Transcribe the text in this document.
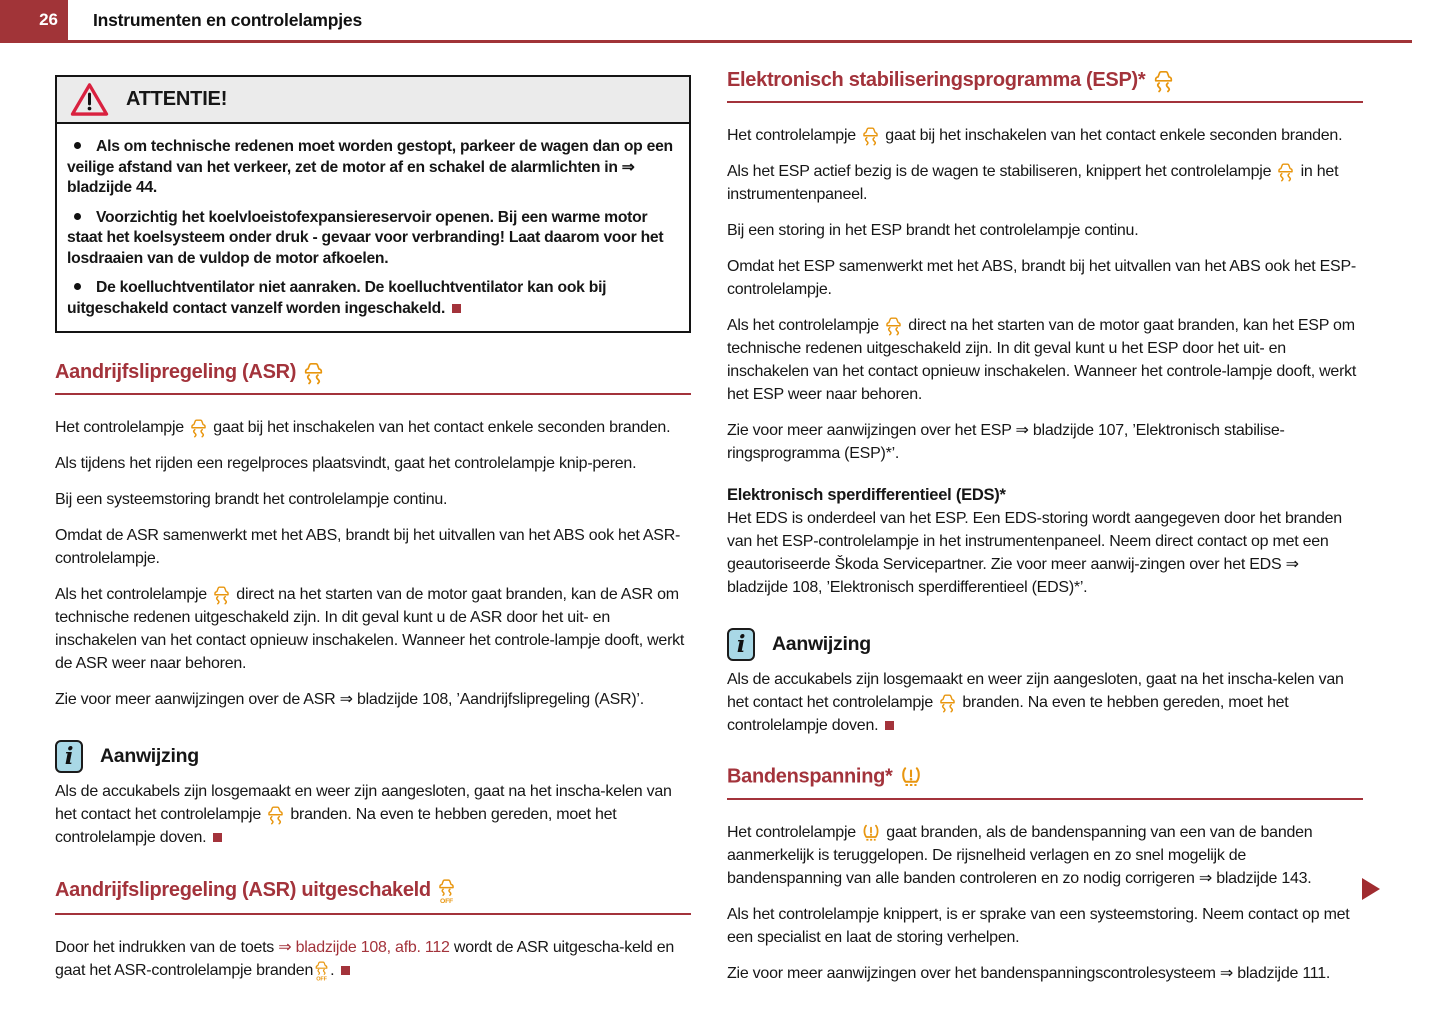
26	Instrumenten en controlelampjes
ATTENTIE!
Als om technische redenen moet worden gestopt, parkeer de wagen dan op een veilige afstand van het verkeer, zet de motor af en schakel de alarmlichten in ⇒ bladzijde 44.
Voorzichtig het koelvloeistofexpansiereservoir openen. Bij een warme motor staat het koelsysteem onder druk - gevaar voor verbranding! Laat daarom voor het losdraaien van de vuldop de motor afkoelen.
De koelluchtventilator niet aanraken. De koelluchtventilator kan ook bij uitgeschakeld contact vanzelf worden ingeschakeld.
Aandrijfslipregeling (ASR)
Het controlelampje  gaat bij het inschakelen van het contact enkele seconden branden.
Als tijdens het rijden een regelproces plaatsvindt, gaat het controlelampje knip-peren.
Bij een systeemstoring brandt het controlelampje continu.
Omdat de ASR samenwerkt met het ABS, brandt bij het uitvallen van het ABS ook het ASR-controlelampje.
Als het controlelampje  direct na het starten van de motor gaat branden, kan de ASR om technische redenen uitgeschakeld zijn. In dit geval kunt u de ASR door het uit- en inschakelen van het contact opnieuw inschakelen. Wanneer het controle-lampje dooft, werkt de ASR weer naar behoren.
Zie voor meer aanwijzingen over de ASR ⇒ bladzijde 108, ’Aandrijfslipregeling (ASR)’.
i	Aanwijzing
Als de accukabels zijn losgemaakt en weer zijn aangesloten, gaat na het inscha-kelen van het contact het controlelampje  branden. Na even te hebben gereden, moet het controlelampje doven.
Aandrijfslipregeling (ASR) uitgeschakeld
OFF
Door het indrukken van de toets ⇒ bladzijde 108, afb. 112 wordt de ASR uitgescha-keld en gaat het ASR-controlelampje branden
OFF
.
Elektronisch stabiliseringsprogramma (ESP)*
Het controlelampje  gaat bij het inschakelen van het contact enkele seconden branden.
Als het ESP actief bezig is de wagen te stabiliseren, knippert het controlelampje  in het instrumentenpaneel.
Bij een storing in het ESP brandt het controlelampje continu.
Omdat het ESP samenwerkt met het ABS, brandt bij het uitvallen van het ABS ook het ESP-controlelampje.
Als het controlelampje  direct na het starten van de motor gaat branden, kan het ESP om technische redenen uitgeschakeld zijn. In dit geval kunt u het ESP door het uit- en inschakelen van het contact opnieuw inschakelen. Wanneer het controle-lampje dooft, werkt het ESP weer naar behoren.
Zie voor meer aanwijzingen over het ESP ⇒ bladzijde 107, ’Elektronisch stabilise-ringsprogramma (ESP)*’.
Elektronisch sperdifferentieel (EDS)*
Het EDS is onderdeel van het ESP. Een EDS-storing wordt aangegeven door het branden van het ESP-controlelampje in het instrumentenpaneel. Neem direct contact op met een geautoriseerde Škoda Servicepartner. Zie voor meer aanwij-zingen over het EDS ⇒ bladzijde 108, ’Elektronisch sperdifferentieel (EDS)*’.
i	Aanwijzing
Als de accukabels zijn losgemaakt en weer zijn aangesloten, gaat na het inscha-kelen van het contact het controlelampje  branden. Na even te hebben gereden, moet het controlelampje doven.
Bandenspanning*
Het controlelampje  gaat branden, als de bandenspanning van een van de banden aanmerkelijk is teruggelopen. De rijsnelheid verlagen en zo snel mogelijk de bandenspanning van alle banden controleren en zo nodig corrigeren ⇒ bladzijde 143.
Als het controlelampje knippert, is er sprake van een systeemstoring. Neem contact op met een specialist en laat de storing verhelpen.
Zie voor meer aanwijzingen over het bandenspanningscontrolesysteem ⇒ bladzijde 111.
